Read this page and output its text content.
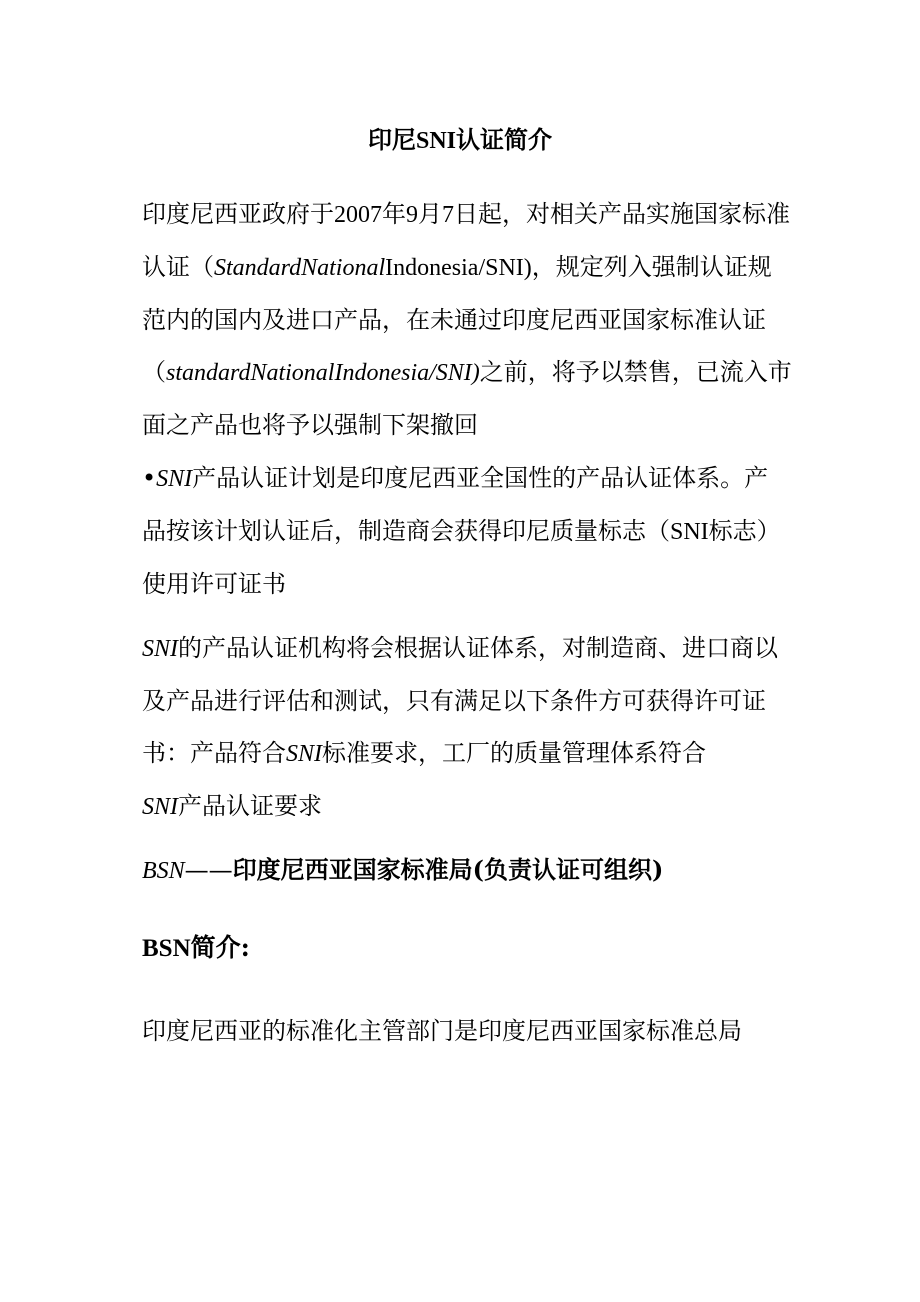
印尼SNI认证简介

印度尼西亚政府于2007年9月7日起，对相关产品实施国家标准认证（StandardNationalIndonesia/SNI)，规定列入强制认证规范内的国内及进口产品，在未通过印度尼西亚国家标准认证（standardNationalIndonesia/SNI)之前，将予以禁售，已流入市面之产品也将予以强制下架撤回

•SNI产品认证计划是印度尼西亚全国性的产品认证体系。产品按该计划认证后，制造商会获得印尼质量标志（SNI标志）使用许可证书

SNI的产品认证机构将会根据认证体系，对制造商、进口商以及产品进行评估和测试，只有满足以下条件方可获得许可证书：产品符合SNI标准要求，工厂的质量管理体系符合
SNI产品认证要求

BSN——印度尼西亚国家标准局(负责认证可组织)
BSN简介:

印度尼西亚的标准化主管部门是印度尼西亚国家标准总局
